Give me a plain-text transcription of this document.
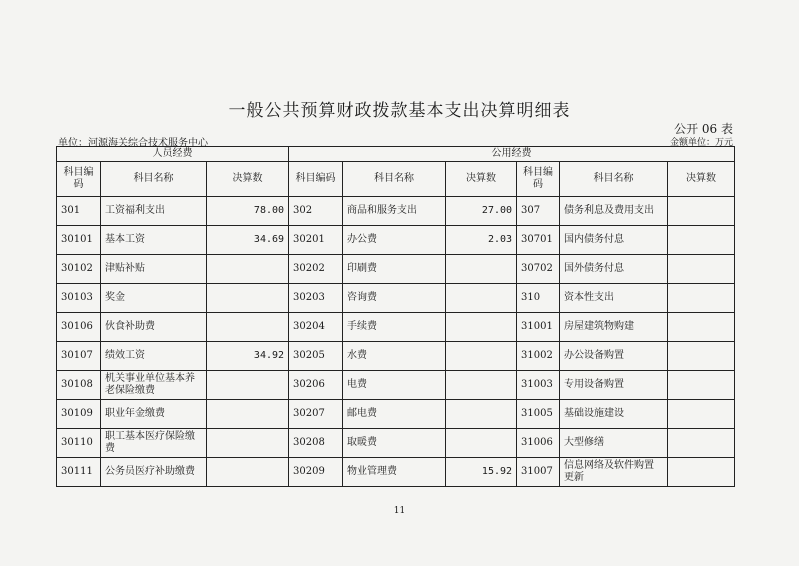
一般公共预算财政拨款基本支出决算明细表
公开 06 表
单位：河源海关综合技术服务中心	金额单位：万元
人员经费			公用经费					
科目编码	科目名称	决算数	科目编码	科目名称	决算数	科目编码	科目名称	决算数
301	工资福利支出	78.00	302	商品和服务支出	27.00	307	债务利息及费用支出	
30101	基本工资	34.69	30201	办公费	2.03	30701	国内债务付息	
30102	津贴补贴		30202	印刷费		30702	国外债务付息	
30103	奖金		30203	咨询费		310	资本性支出	
30106	伙食补助费		30204	手续费		31001	房屋建筑物购建	
30107	绩效工资	34.92	30205	水费		31002	办公设备购置	
30108	机关事业单位基本养老保险缴费		30206	电费		31003	专用设备购置	
30109	职业年金缴费		30207	邮电费		31005	基础设施建设	
30110	职工基本医疗保险缴费		30208	取暖费		31006	大型修缮	
30111	公务员医疗补助缴费		30209	物业管理费	15.92	31007	信息网络及软件购置更新	
11
